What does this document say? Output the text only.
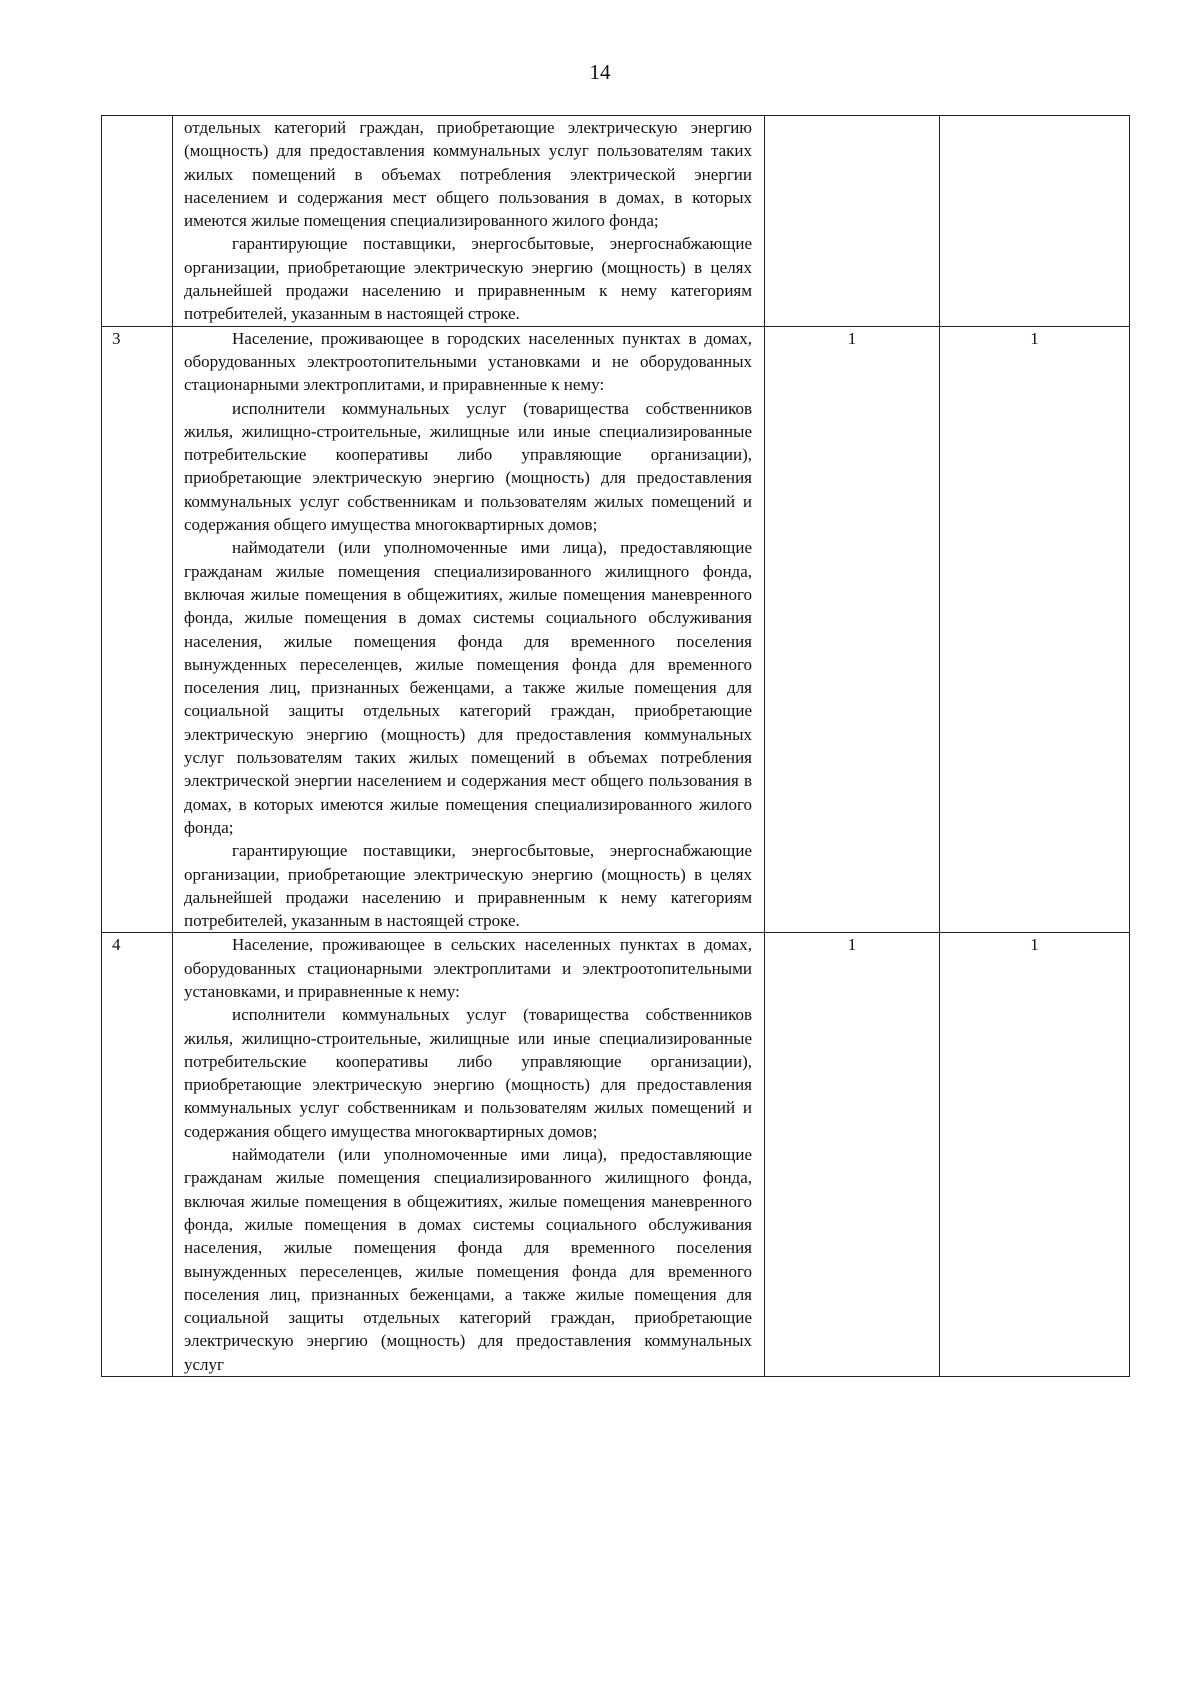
14

	отдельных категорий граждан, приобретающие электрическую энергию (мощность) для предоставления коммунальных услуг пользователям таких жилых помещений в объемах потребления электрической энергии населением и содержания мест общего пользования в домах, в которых имеются жилые помещения специализированного жилого фонда;

гарантирующие поставщики, энергосбытовые, энергоснабжающие организации, приобретающие электрическую энергию (мощность) в целях дальнейшей продажи населению и приравненным к нему категориям потребителей, указанным в настоящей строке.		

3	Население, проживающее в городских населенных пунктах в домах, оборудованных электроотопительными установками и не оборудованных стационарными электроплитами, и приравненные к нему:

исполнители коммунальных услуг (товарищества собственников жилья, жилищно-строительные, жилищные или иные специализированные потребительские кооперативы либо управляющие организации), приобретающие электрическую энергию (мощность) для предоставления коммунальных услуг собственникам и пользователям жилых помещений и содержания общего имущества многоквартирных домов;

наймодатели (или уполномоченные ими лица), предоставляющие гражданам жилые помещения специализированного жилищного фонда, включая жилые помещения в общежитиях, жилые помещения маневренного фонда, жилые помещения в домах системы социального обслуживания населения, жилые помещения фонда для временного поселения вынужденных переселенцев, жилые помещения фонда для временного поселения лиц, признанных беженцами, а также жилые помещения для социальной защиты отдельных категорий граждан, приобретающие электрическую энергию (мощность) для предоставления коммунальных услуг пользователям таких жилых помещений в объемах потребления электрической энергии населением и содержания мест общего пользования в домах, в которых имеются жилые помещения специализированного жилого фонда;

гарантирующие поставщики, энергосбытовые, энергоснабжающие организации, приобретающие электрическую энергию (мощность) в целях дальнейшей продажи населению и приравненным к нему категориям потребителей, указанным в настоящей строке.	1	1
4	Население, проживающее в сельских населенных пунктах в домах, оборудованных стационарными электроплитами и электроотопительными установками, и приравненные к нему:

исполнители коммунальных услуг (товарищества собственников жилья, жилищно-строительные, жилищные или иные специализированные потребительские кооперативы либо управляющие организации), приобретающие электрическую энергию (мощность) для предоставления коммунальных услуг собственникам и пользователям жилых помещений и содержания общего имущества многоквартирных домов;

наймодатели (или уполномоченные ими лица), предоставляющие гражданам жилые помещения специализированного жилищного фонда, включая жилые помещения в общежитиях, жилые помещения маневренного фонда, жилые помещения в домах системы социального обслуживания населения, жилые помещения фонда для временного поселения вынужденных переселенцев, жилые помещения фонда для временного поселения лиц, признанных беженцами, а также жилые помещения для социальной защиты отдельных категорий граждан, приобретающие электрическую энергию (мощность) для предоставления коммунальных услуг	1	1
